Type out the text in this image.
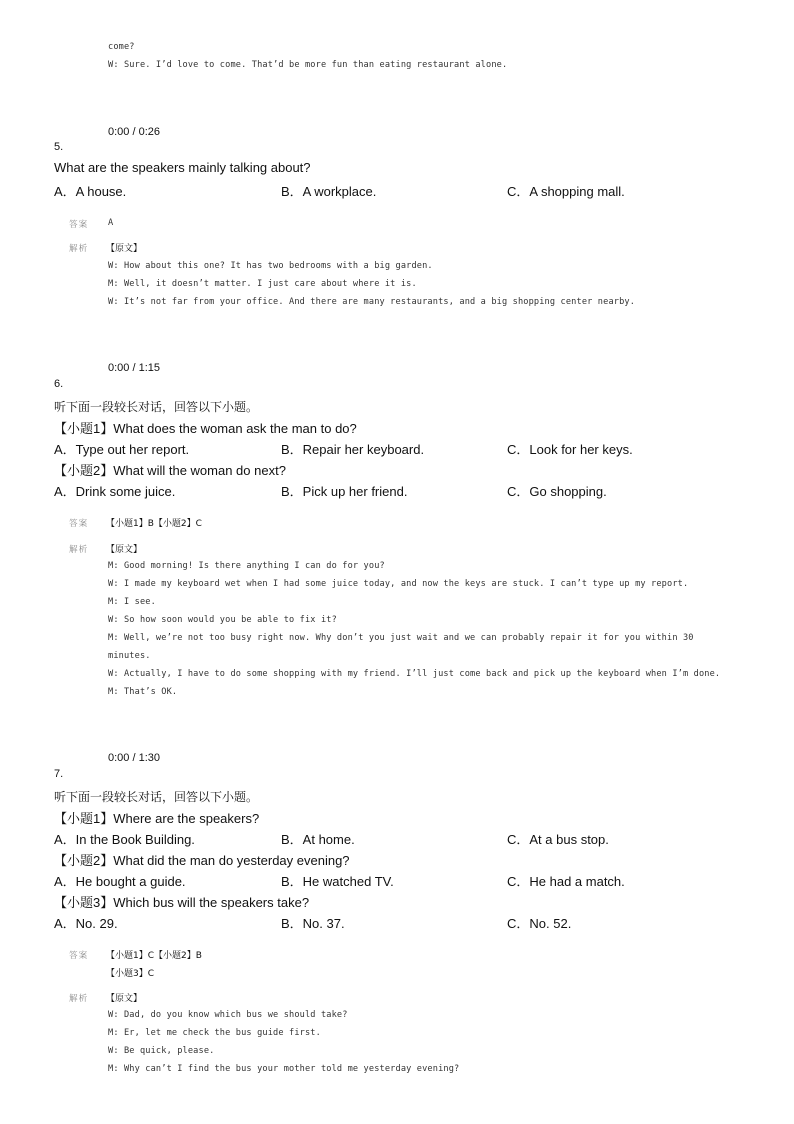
come?
W: Sure. I’d love to come. That’d be more fun than eating restaurant alone.
0:00 / 0:26
5.
What are the speakers mainly talking about?
A．A house.	B．A workplace.	C．A shopping mall.
答案 A
解析 【原文】
W: How about this one? It has two bedrooms with a big garden.
M: Well, it doesn’t matter. I just care about where it is.
W: It’s not far from your office. And there are many restaurants, and a big shopping center nearby.
0:00 / 1:15
6.
听下面一段较长对话，回答以下小题。
【小题1】What does the woman ask the man to do?
A．Type out her report.	B．Repair her keyboard.	C．Look for her keys.
【小题2】What will the woman do next?
A．Drink some juice.	B．Pick up her friend.	C．Go shopping.
答案 【小题1】B【小题2】C
解析 【原文】
M: Good morning! Is there anything I can do for you?
W: I made my keyboard wet when I had some juice today, and now the keys are stuck. I can’t type up my report.
M: I see.
W: So how soon would you be able to fix it?
M: Well, we’re not too busy right now. Why don’t you just wait and we can probably repair it for you within 30
minutes.
W: Actually, I have to do some shopping with my friend. I’ll just come back and pick up the keyboard when I’m done.
M: That’s OK.
0:00 / 1:30
7.
听下面一段较长对话，回答以下小题。
【小题1】Where are the speakers?
A．In the Book Building.	B．At home.	C．At a bus stop.
【小题2】What did the man do yesterday evening?
A．He bought a guide.	B．He watched TV.	C．He had a match.
【小题3】Which bus will the speakers take?
A．No. 29.	B．No. 37.	C．No. 52.
答案 【小题1】C【小题2】B
【小题3】C
解析 【原文】
W: Dad, do you know which bus we should take?
M: Er, let me check the bus guide first.
W: Be quick, please.
M: Why can’t I find the bus your mother told me yesterday evening?
